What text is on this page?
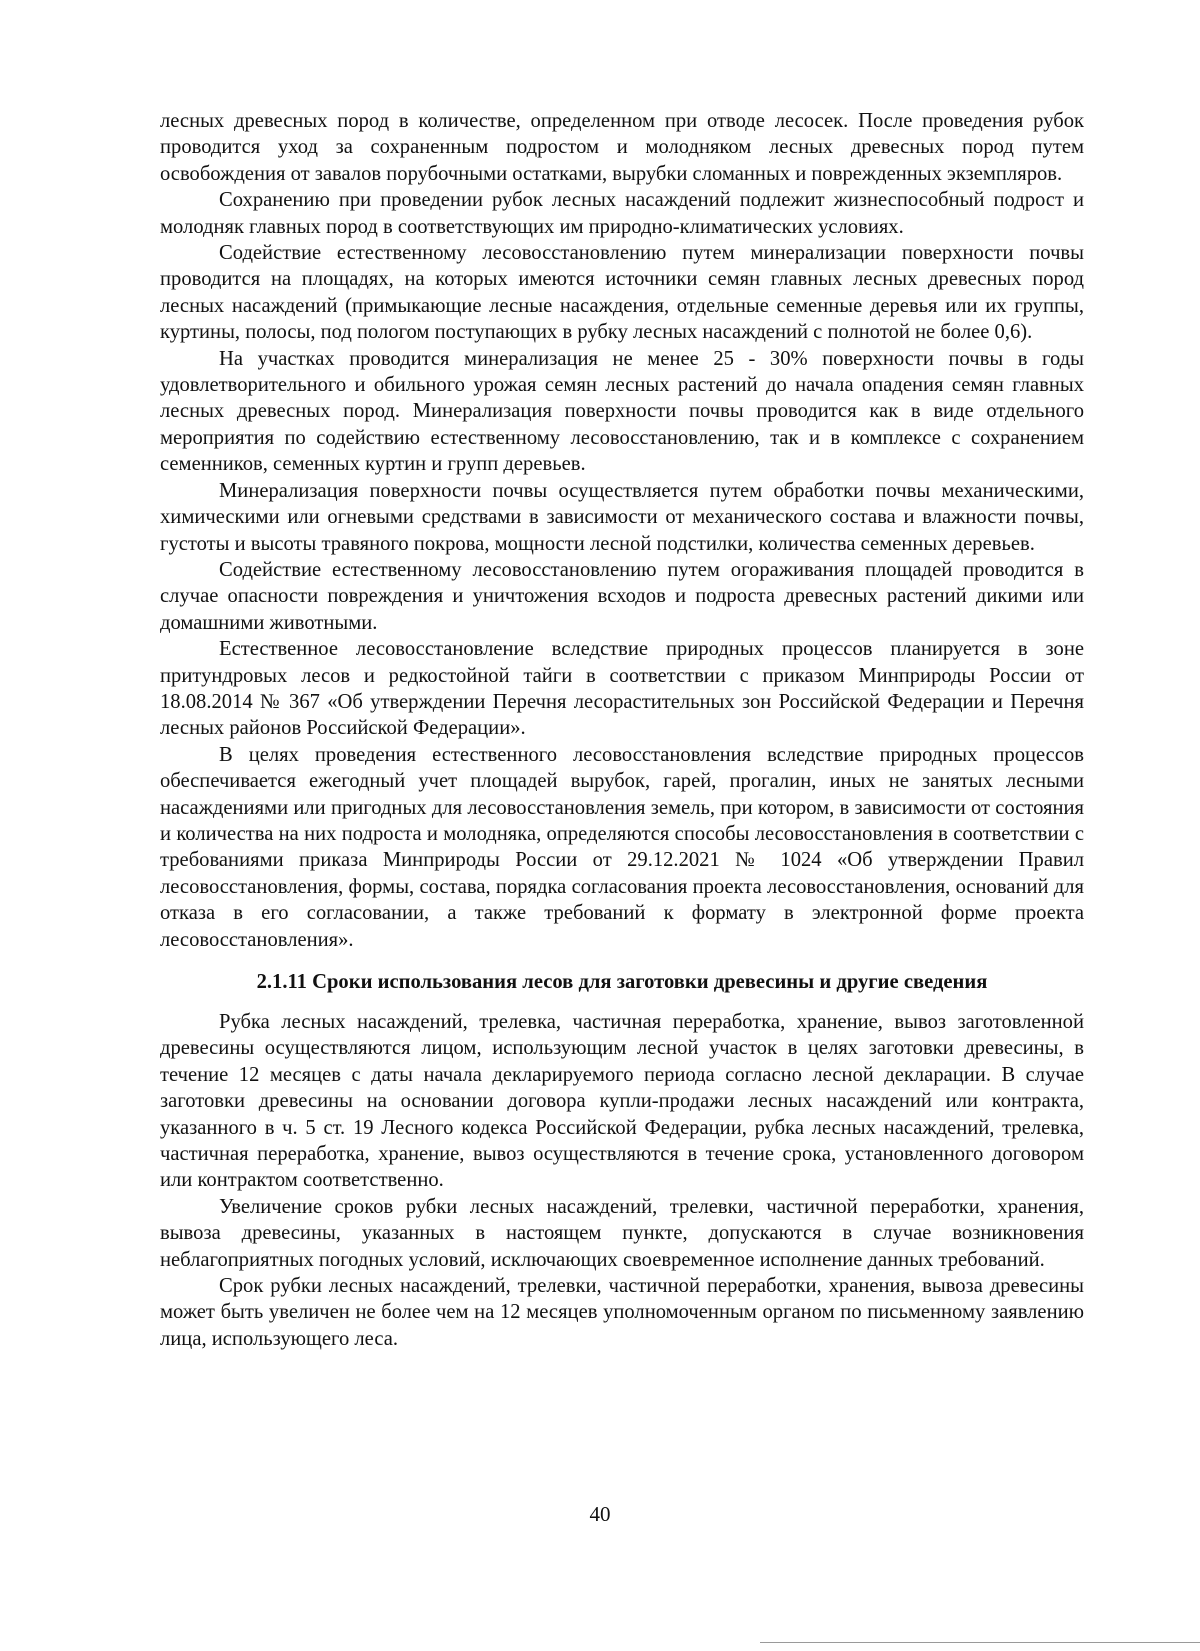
лесных древесных пород в количестве, определенном при отводе лесосек. После проведения рубок проводится уход за сохраненным подростом и молодняком лесных древесных пород путем освобождения от завалов порубочными остатками, вырубки сломанных и поврежденных экземпляров.

Сохранению при проведении рубок лесных насаждений подлежит жизнеспособный подрост и молодняк главных пород в соответствующих им природно-климатических условиях.

Содействие естественному лесовосстановлению путем минерализации поверхности почвы проводится на площадях, на которых имеются источники семян главных лесных древесных пород лесных насаждений (примыкающие лесные насаждения, отдельные семенные деревья или их группы, куртины, полосы, под пологом поступающих в рубку лесных насаждений с полнотой не более 0,6).

На участках проводится минерализация не менее 25 - 30% поверхности почвы в годы удовлетворительного и обильного урожая семян лесных растений до начала опадения семян главных лесных древесных пород. Минерализация поверхности почвы проводится как в виде отдельного мероприятия по содействию естественному лесовосстановлению, так и в комплексе с сохранением семенников, семенных куртин и групп деревьев.

Минерализация поверхности почвы осуществляется путем обработки почвы механическими, химическими или огневыми средствами в зависимости от механического состава и влажности почвы, густоты и высоты травяного покрова, мощности лесной подстилки, количества семенных деревьев.

Содействие естественному лесовосстановлению путем огораживания площадей проводится в случае опасности повреждения и уничтожения всходов и подроста древесных растений дикими или домашними животными.

Естественное лесовосстановление вследствие природных процессов планируется в зоне притундровых лесов и редкостойной тайги в соответствии с приказом Минприроды России от 18.08.2014 № 367 «Об утверждении Перечня лесорастительных зон Российской Федерации и Перечня лесных районов Российской Федерации».

В целях проведения естественного лесовосстановления вследствие природных процессов обеспечивается ежегодный учет площадей вырубок, гарей, прогалин, иных не занятых лесными насаждениями или пригодных для лесовосстановления земель, при котором, в зависимости от состояния и количества на них подроста и молодняка, определяются способы лесовосстановления в соответствии с требованиями приказа Минприроды России от 29.12.2021 № 1024 «Об утверждении Правил лесовосстановления, формы, состава, порядка согласования проекта лесовосстановления, оснований для отказа в его согласовании, а также требований к формату в электронной форме проекта лесовосстановления».

2.1.11 Сроки использования лесов для заготовки древесины и другие сведения

Рубка лесных насаждений, трелевка, частичная переработка, хранение, вывоз заготовленной древесины осуществляются лицом, использующим лесной участок в целях заготовки древесины, в течение 12 месяцев с даты начала декларируемого периода согласно лесной декларации. В случае заготовки древесины на основании договора купли-продажи лесных насаждений или контракта, указанного в ч. 5 ст. 19 Лесного кодекса Российской Федерации, рубка лесных насаждений, трелевка, частичная переработка, хранение, вывоз осуществляются в течение срока, установленного договором или контрактом соответственно.

Увеличение сроков рубки лесных насаждений, трелевки, частичной переработки, хранения, вывоза древесины, указанных в настоящем пункте, допускаются в случае возникновения неблагоприятных погодных условий, исключающих своевременное исполнение данных требований.

Срок рубки лесных насаждений, трелевки, частичной переработки, хранения, вывоза древесины может быть увеличен не более чем на 12 месяцев уполномоченным органом по письменному заявлению лица, использующего леса.

40
